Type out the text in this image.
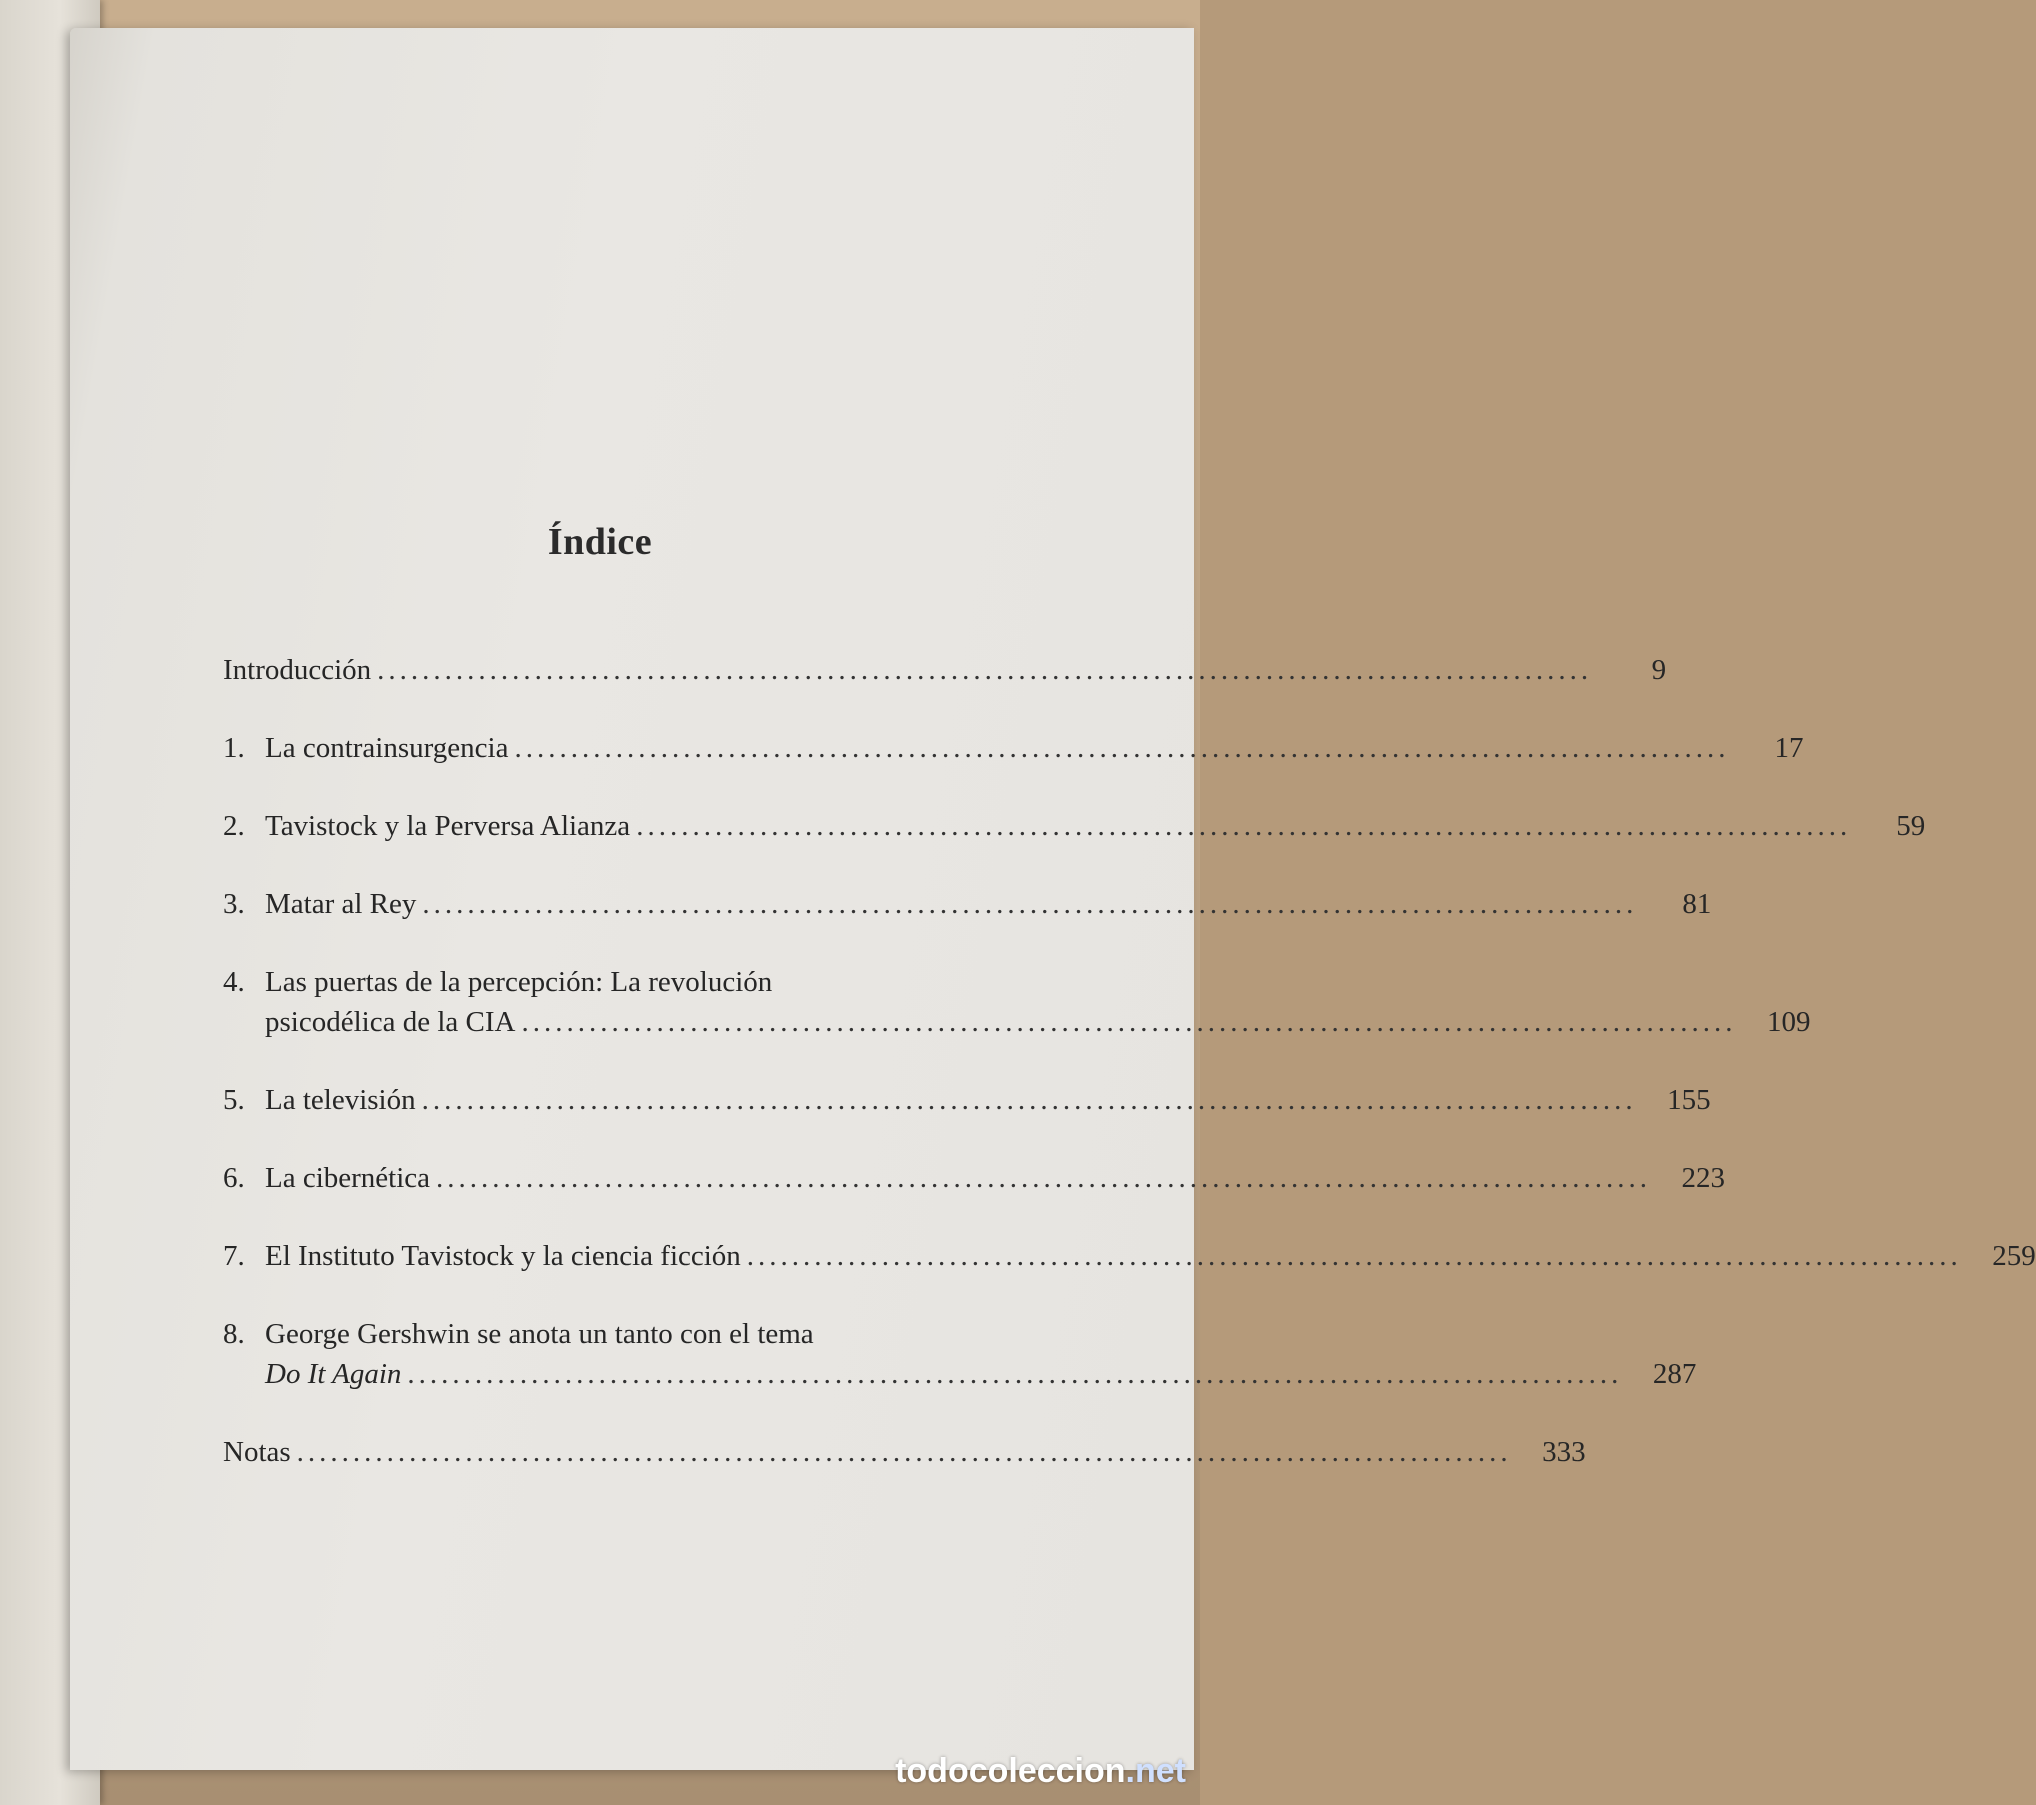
Índice
Introducción ............................................................................................................	9
1. La contrainsurgencia ............................................................................................................	17
2. Tavistock y la Perversa Alianza ............................................................................................................	59
3. Matar al Rey ............................................................................................................	81
4. Las puertas de la percepción: La revolución
psicodélica de la CIA ............................................................................................................	109
5. La televisión ............................................................................................................	155
6. La cibernética ............................................................................................................	223
7. El Instituto Tavistock y la ciencia ficción ............................................................................................................	259
8. George Gershwin se anota un tanto con el tema
Do It Again ............................................................................................................	287
Notas ............................................................................................................	333
todocoleccion.net
